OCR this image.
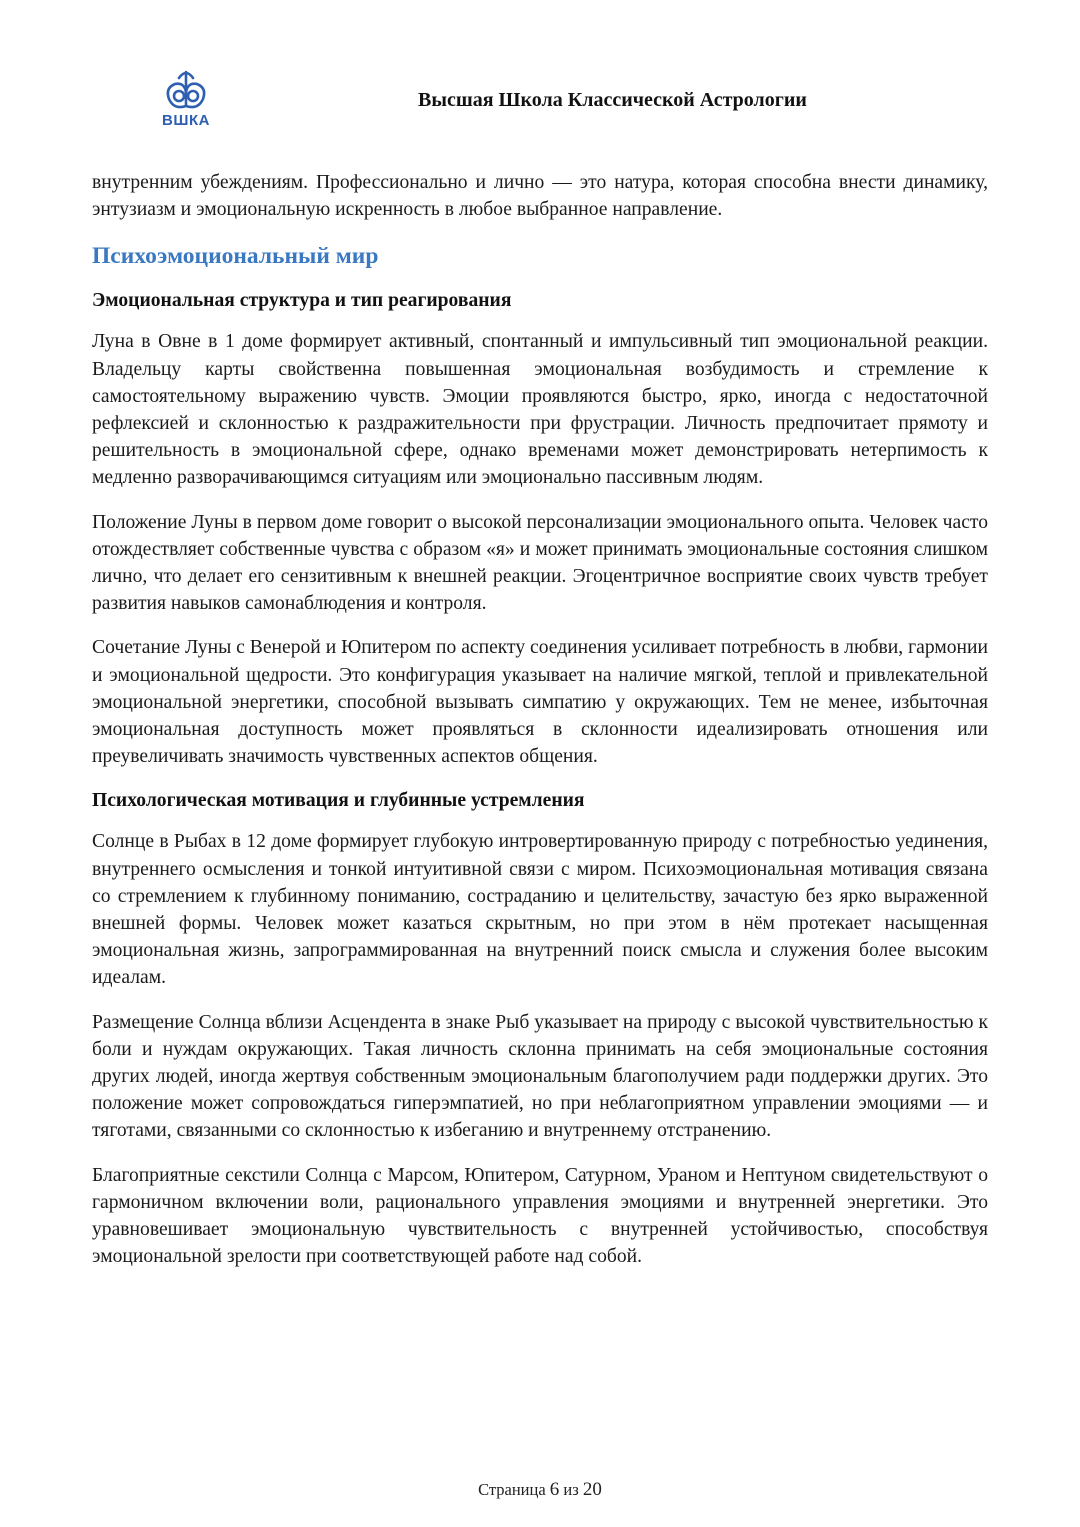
ВШКА
Высшая Школа Классической Астрологии

внутренним убеждениям. Профессионально и лично — это натура, которая способна внести динамику, энтузиазм и эмоциональную искренность в любое выбранное направление.

Психоэмоциональный мир
Эмоциональная структура и тип реагирования

Луна в Овне в 1 доме формирует активный, спонтанный и импульсивный тип эмоциональной реакции. Владельцу карты свойственна повышенная эмоциональная возбудимость и стремление к самостоятельному выражению чувств. Эмоции проявляются быстро, ярко, иногда с недостаточной рефлексией и склонностью к раздражительности при фрустрации. Личность предпочитает прямоту и решительность в эмоциональной сфере, однако временами может демонстрировать нетерпимость к медленно разворачивающимся ситуациям или эмоционально пассивным людям.

Положение Луны в первом доме говорит о высокой персонализации эмоционального опыта. Человек часто отождествляет собственные чувства с образом «я» и может принимать эмоциональные состояния слишком лично, что делает его сензитивным к внешней реакции. Эгоцентричное восприятие своих чувств требует развития навыков самонаблюдения и контроля.

Сочетание Луны с Венерой и Юпитером по аспекту соединения усиливает потребность в любви, гармонии и эмоциональной щедрости. Это конфигурация указывает на наличие мягкой, теплой и привлекательной эмоциональной энергетики, способной вызывать симпатию у окружающих. Тем не менее, избыточная эмоциональная доступность может проявляться в склонности идеализировать отношения или преувеличивать значимость чувственных аспектов общения.

Психологическая мотивация и глубинные устремления

Солнце в Рыбах в 12 доме формирует глубокую интровертированную природу с потребностью уединения, внутреннего осмысления и тонкой интуитивной связи с миром. Психоэмоциональная мотивация связана со стремлением к глубинному пониманию, состраданию и целительству, зачастую без ярко выраженной внешней формы. Человек может казаться скрытным, но при этом в нём протекает насыщенная эмоциональная жизнь, запрограммированная на внутренний поиск смысла и служения более высоким идеалам.

Размещение Солнца вблизи Асцендента в знаке Рыб указывает на природу с высокой чувствительностью к боли и нуждам окружающих. Такая личность склонна принимать на себя эмоциональные состояния других людей, иногда жертвуя собственным эмоциональным благополучием ради поддержки других. Это положение может сопровождаться гиперэмпатией, но при неблагоприятном управлении эмоциями — и тяготами, связанными со склонностью к избеганию и внутреннему отстранению.

Благоприятные секстили Солнца с Марсом, Юпитером, Сатурном, Ураном и Нептуном свидетельствуют о гармоничном включении воли, рационального управления эмоциями и внутренней энергетики. Это уравновешивает эмоциональную чувствительность с внутренней устойчивостью, способствуя эмоциональной зрелости при соответствующей работе над собой.

Страница 6 из 20
